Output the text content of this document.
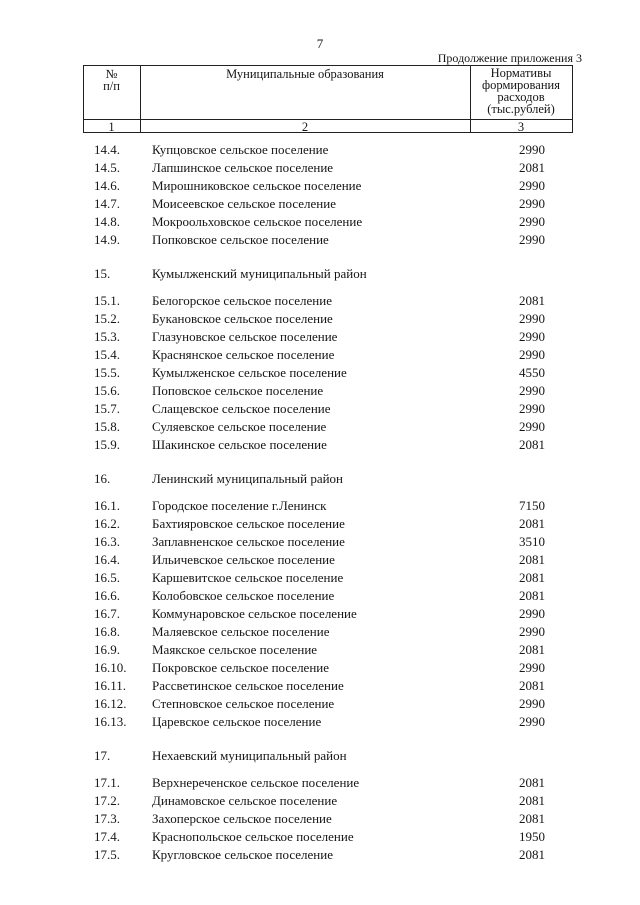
7
Продолжение приложения 3
№
п/п
Муниципальные образования	Нормативы
формирования
расходов
(тыс.рублей)
1	2	3
14.4. Купцовское сельское поселение	2990
14.5. Лапшинское сельское поселение	2081
14.6. Мирошниковское сельское поселение	2990
14.7. Моисеевское сельское поселение	2990
14.8. Мокроольховское сельское поселение	2990
14.9. Попковское сельское поселение	2990
15.	Кумылженский муниципальный район
15.1. Белогорское сельское поселение	2081
15.2. Букановское сельское поселение	2990
15.3. Глазуновское сельское поселение	2990
15.4. Краснянское сельское поселение	2990
15.5. Кумылженское сельское поселение	4550
15.6. Поповское сельское поселение	2990
15.7. Слащевское сельское поселение	2990
15.8. Суляевское сельское поселение	2990
15.9. Шакинское сельское поселение	2081
16.	Ленинский муниципальный район
16.1. Городское поселение г.Ленинск	7150
16.2. Бахтияровское сельское поселение	2081
16.3. Заплавненское сельское поселение	3510
16.4. Ильичевское сельское поселение	2081
16.5. Каршевитское сельское поселение	2081
16.6. Колобовское сельское поселение	2081
16.7. Коммунаровское сельское поселение	2990
16.8. Маляевское сельское поселение	2990
16.9. Маякское сельское поселение	2081
16.10. Покровское сельское поселение	2990
16.11. Рассветинское сельское поселение	2081
16.12. Степновское сельское поселение	2990
16.13. Царевское сельское поселение	2990
17.	Нехаевский муниципальный район
17.1. Верхнереченское сельское поселение	2081
17.2. Динамовское сельское поселение	2081
17.3. Захоперское сельское поселение	2081
17.4. Краснопольское сельское поселение	1950
17.5. Кругловское сельское поселение	2081
